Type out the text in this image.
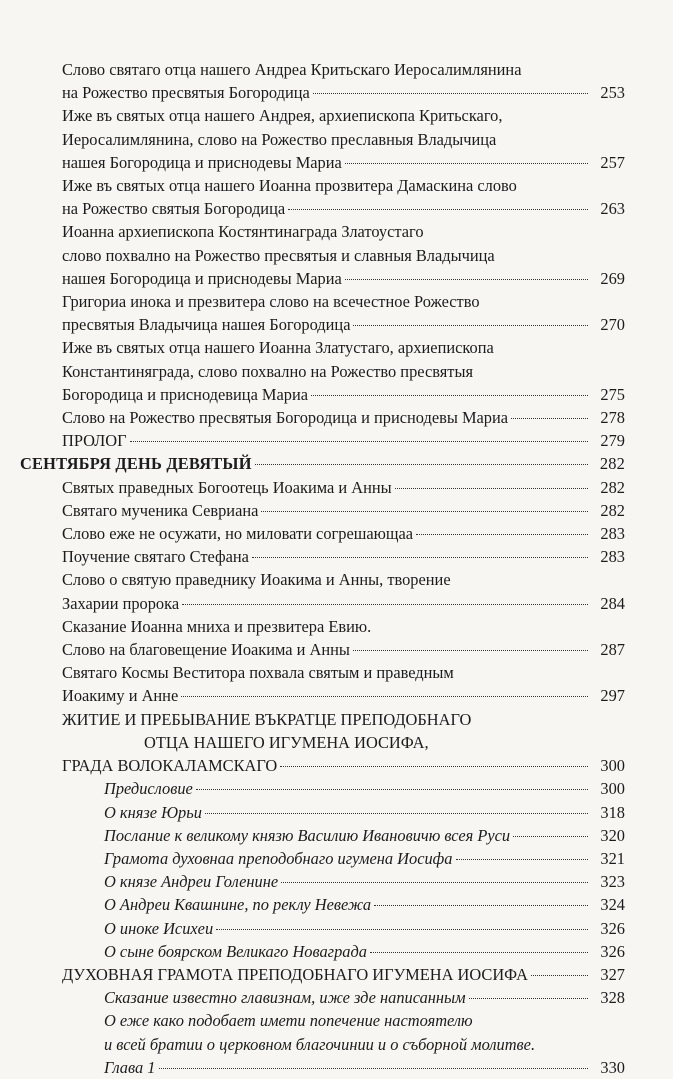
Слово святаго отца нашего Андреа Критьскаго Иеросалимлянина
на Рожество пресвятыя Богородица	253
Иже въ святых отца нашего Андрея, архиепископа Критьскаго,
Иеросалимлянина, слово на Рожество преславныя Владычица
нашея Богородица и приснодевы Мариа	257
Иже въ святых отца нашего Иоанна прозвитера Дамаскина слово
на Рожество святыя Богородица	263
Иоанна архиепископа Костянтинаграда Златоустаго
слово похвално на Рожество пресвятыя и славныя Владычица
нашея Богородица и приснодевы Мариа	269
Григориа инока и презвитера слово на всечестное Рожество
пресвятыя Владычица нашея Богородица	270
Иже въ святых отца нашего Иоанна Златустаго, архиепископа
Константиняграда, слово похвално на Рожество пресвятыя
Богородица и приснодевица Мариа	275
Слово на Рожество пресвятыя Богородица и приснодевы Мариа	278
ПРОЛОГ	279
СЕНТЯБРЯ ДЕНЬ ДЕВЯТЫЙ	282
Святых праведных Богоотець Иоакима и Анны	282
Святаго мученика Севриана	282
Слово еже не осужати, но миловати согрешающаа	283
Поучение святаго Стефана	283
Слово о святую праведнику Иоакима и Анны, творение
Захарии пророка	284
Сказание Иоанна мниха и презвитера Евию.
Слово на благовещение Иоакима и Анны	287
Святаго Космы Веститора похвала святым и праведным
Иоакиму и Анне	297
ЖИТИЕ И ПРЕБЫВАНИЕ ВЪКРАТЦЕ ПРЕПОДОБНАГО
ОТЦА НАШЕГО ИГУМЕНА ИОСИФА,
ГРАДА ВОЛОКАЛАМСКАГО	300
Предисловие	300
О князе Юрьи	318
Послание к великому князю Василию Ивановичю всея Руси	320
Грамота духовнаа преподобнаго игумена Иосифа	321
О князе Андреи Голенине	323
О Андреи Квашнине, по реклу Невежа	324
О иноке Исихеи	326
О сыне боярском Великаго Новаграда	326
ДУХОВНАЯ ГРАМОТА ПРЕПОДОБНАГО ИГУМЕНА ИОСИФА	327
Сказание известно главизнам, иже зде написанным	328
О еже како подобает имети попечение настоятелю
и всей братии о церковном благочинии и о съборной молитве.
Глава 1	330
